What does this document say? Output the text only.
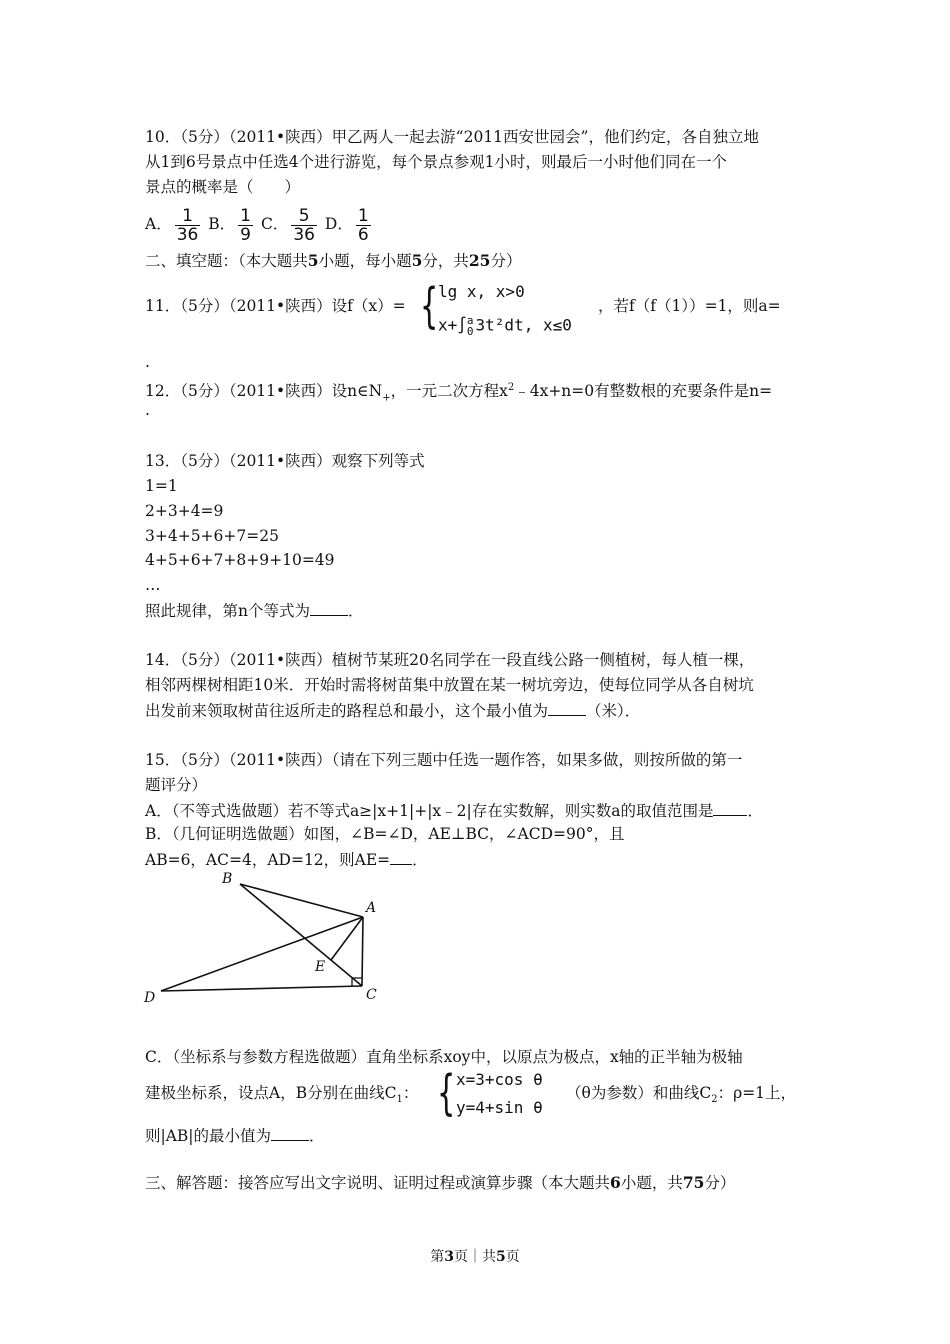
10．（5分）（2011•陕西）甲乙两人一起去游“2011西安世园会”，他们约定，各自独立地
从1到6号景点中任选4个进行游览，每个景点参观1小时，则最后一小时他们同在一个
景点的概率是（　　）
A． $\frac{1}{36}$ B． $\frac{1}{9}$ C． $\frac{5}{36}$ D． $\frac{1}{6}$
二、填空题：（本大题共5小题，每小题5分，共25分）
11．（5分）（2011•陕西）设f（x）= { lg x, x>0
x+∫ a
0 3t²dt, x≤0
，若f（f（1））=1，则a=
.
12．（5分）（2011•陕西）设$n\in N_+$，一元二次方程$x^2﹣4x+n=0$有整数根的充要条件是n=
.
13．（5分）（2011•陕西）观察下列等式
1=1
2+3+4=9
3+4+5+6+7=25
4+5+6+7+8+9+10=49
…
照此规律，第n个等式为 ．
14．（5分）（2011•陕西）植树节某班20名同学在一段直线公路一侧植树，每人植一棵，
相邻两棵树相距10米．开始时需将树苗集中放置在某一树坑旁边，使每位同学从各自树坑
出发前来领取树苗往返所走的路程总和最小，这个最小值为 （米）．
15．（5分）（2011•陕西）（请在下列三题中任选一题作答，如果多做，则按所做的第一
题评分）
A．（不等式选做题）若不等式a≥|x+1|+|x﹣2|存在实数解，则实数a的取值范围是 ．
B．（几何证明选做题）如图，∠B=∠D，AE⊥BC，∠ACD=90°，且
AB=6，AC=4，AD=12，则AE= ．
B
A
E
D	C
C．（坐标系与参数方程选做题）直角坐标系xoy中，以原点为极点，x轴的正半轴为极轴
建极坐标系，设点A，B分别在曲线$C_1$： { x=3+cos θ
y=4+sin θ
（θ为参数）和曲线$C_2$：ρ=1上，
则|AB|的最小值为 ．
三、解答题：接答应写出文字说明、证明过程或演算步骤（本大题共6小题，共75分）
第3页｜共5页
